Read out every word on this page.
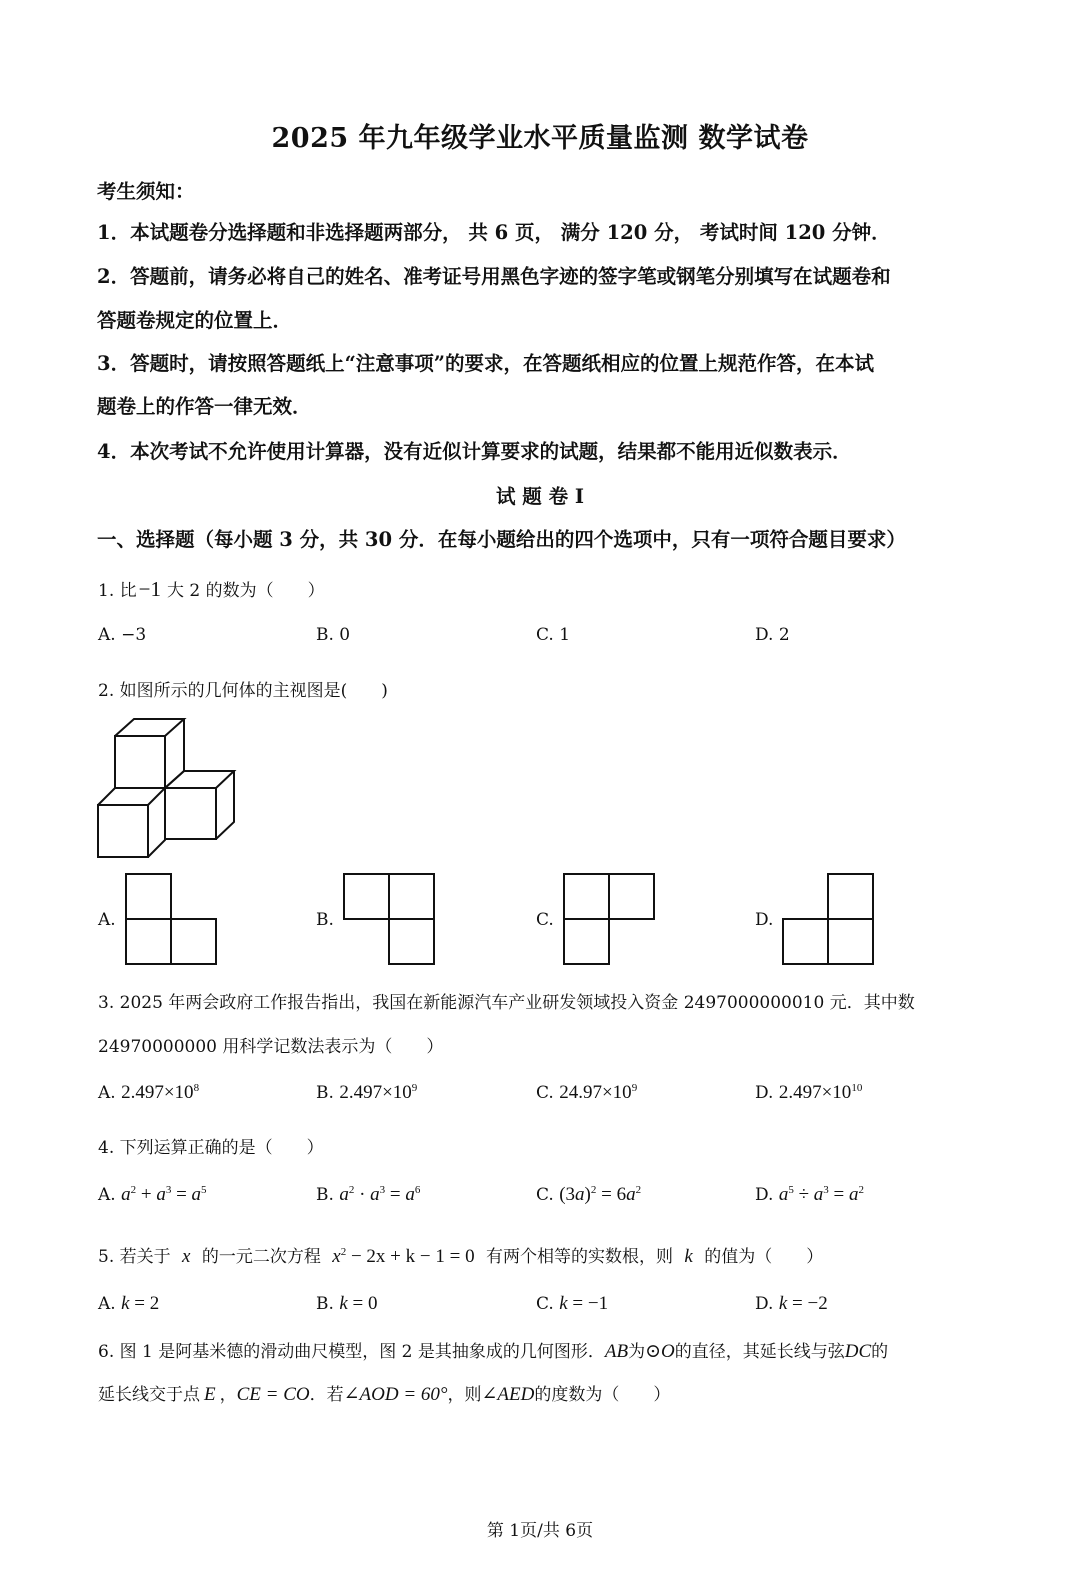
2025 年九年级学业水平质量监测 数学试卷
考生须知：
1．本试题卷分选择题和非选择题两部分， 共 6 页， 满分 120 分， 考试时间 120 分钟．
2．答题前，请务必将自己的姓名、准考证号用黑色字迹的签字笔或钢笔分别填写在试题卷和
答题卷规定的位置上．
3．答题时，请按照答题纸上“注意事项”的要求，在答题纸相应的位置上规范作答，在本试
题卷上的作答一律无效．
4．本次考试不允许使用计算器，没有近似计算要求的试题，结果都不能用近似数表示．
试 题 卷 I
一、选择题（每小题 3 分，共 30 分．在每小题给出的四个选项中，只有一项符合题目要求）
1. 比−1 大 2 的数为（　　）
A. −3	B. 0	C. 1	D. 2
2. 如图所示的几何体的主视图是(　　)
A.	B.	C.	D.
3. 2025 年两会政府工作报告指出，我国在新能源汽车产业研发领域投入资金 2497000000010 元．其中数
24970000000 用科学记数法表示为（　　）
A. $2.497\times 10^8$	B. $2.497\times 10^9$	C. $24.97\times 10^9$	D. $2.497\times 10^{10}$
4. 下列运算正确的是（　　）
A. $a^2 + a^3 = a^5$	B. $a^2 \cdot a^3 = a^6$	C. $(3a)^2 = 6a^2$	D. $a^5 \div a^3 = a^2$
5. 若关于 x 的一元二次方程 $x^2 - 2x + k - 1 = 0$ 有两个相等的实数根，则 k 的值为（　　）
A. k = 2	B. k = 0	C. k = −1	D. k = −2
6. 图 1 是阿基米德的滑动曲尺模型，图 2 是其抽象成的几何图形．AB为⊙O的直径，其延长线与弦DC的
延长线交于点 E ，CE = CO．若∠AOD = 60°，则∠AED的度数为（　　）
第 1页/共 6页
